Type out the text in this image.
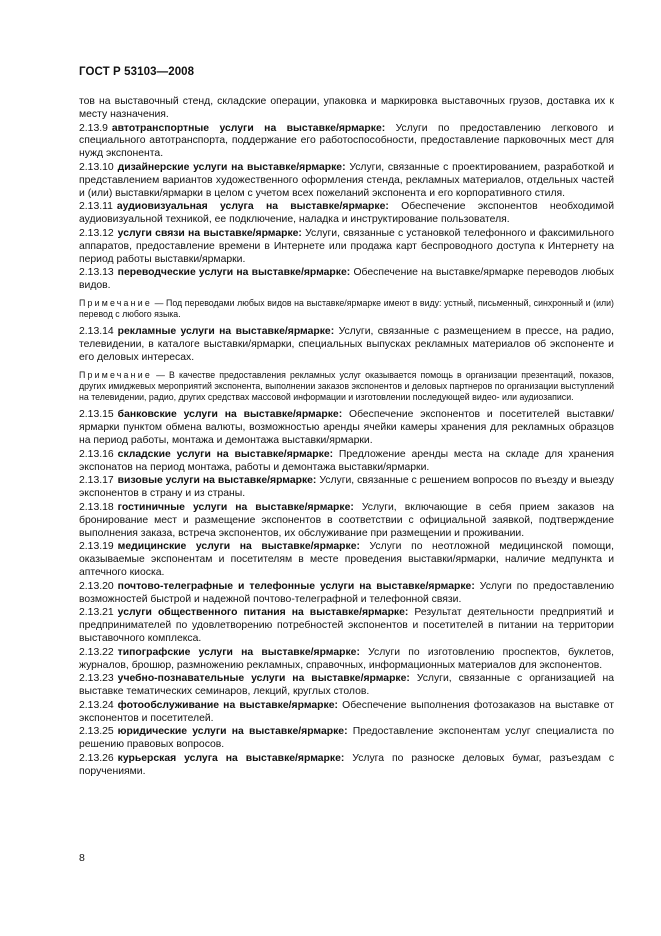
ГОСТ Р 53103—2008

тов на выставочный стенд, складские операции, упаковка и маркировка выставочных грузов, доставка их к месту назначения.

2.13.9 автотранспортные услуги на выставке/ярмарке: Услуги по предоставлению легкового и специального автотранспорта, поддержание его работоспособности, предоставление парковочных мест для нужд экспонента.

2.13.10 дизайнерские услуги на выставке/ярмарке: Услуги, связанные с проектированием, разработкой и представлением вариантов художественного оформления стенда, рекламных материалов, отдельных частей и (или) выставки/ярмарки в целом с учетом всех пожеланий экспонента и его корпоративного стиля.

2.13.11 аудиовизуальная услуга на выставке/ярмарке: Обеспечение экспонентов необходимой аудиовизуальной техникой, ее подключение, наладка и инструктирование пользователя.

2.13.12 услуги связи на выставке/ярмарке: Услуги, связанные с установкой телефонного и факсимильного аппаратов, предоставление времени в Интернете или продажа карт беспроводного доступа к Интернету на период работы выставки/ярмарки.

2.13.13 переводческие услуги на выставке/ярмарке: Обеспечение на выставке/ярмарке переводов любых видов.

Примечание — Под переводами любых видов на выставке/ярмарке имеют в виду: устный, письменный, синхронный и (или) перевод с любого языка.

2.13.14 рекламные услуги на выставке/ярмарке: Услуги, связанные с размещением в прессе, на радио, телевидении, в каталоге выставки/ярмарки, специальных выпусках рекламных материалов об экспоненте и его деловых интересах.

Примечание — В качестве предоставления рекламных услуг оказывается помощь в организации презентаций, показов, других имиджевых мероприятий экспонента, выполнении заказов экспонентов и деловых партнеров по организации выступлений на телевидении, радио, других средствах массовой информации и изготовлении последующей видео- или аудиозаписи.

2.13.15 банковские услуги на выставке/ярмарке: Обеспечение экспонентов и посетителей выставки/ярмарки пунктом обмена валюты, возможностью аренды ячейки камеры хранения для рекламных образцов на период работы, монтажа и демонтажа выставки/ярмарки.

2.13.16 складские услуги на выставке/ярмарке: Предложение аренды места на складе для хранения экспонатов на период монтажа, работы и демонтажа выставки/ярмарки.

2.13.17 визовые услуги на выставке/ярмарке: Услуги, связанные с решением вопросов по въезду и выезду экспонентов в страну и из страны.

2.13.18 гостиничные услуги на выставке/ярмарке: Услуги, включающие в себя прием заказов на бронирование мест и размещение экспонентов в соответствии с официальной заявкой, подтверждение выполнения заказа, встреча экспонентов, их обслуживание при размещении и проживании.

2.13.19 медицинские услуги на выставке/ярмарке: Услуги по неотложной медицинской помощи, оказываемые экспонентам и посетителям в месте проведения выставки/ярмарки, наличие медпункта и аптечного киоска.

2.13.20 почтово-телеграфные и телефонные услуги на выставке/ярмарке: Услуги по предоставлению возможностей быстрой и надежной почтово-телеграфной и телефонной связи.

2.13.21 услуги общественного питания на выставке/ярмарке: Результат деятельности предприятий и предпринимателей по удовлетворению потребностей экспонентов и посетителей в питании на территории выставочного комплекса.

2.13.22 типографские услуги на выставке/ярмарке: Услуги по изготовлению проспектов, буклетов, журналов, брошюр, размножению рекламных, справочных, информационных материалов для экспонентов.

2.13.23 учебно-познавательные услуги на выставке/ярмарке: Услуги, связанные с организацией на выставке тематических семинаров, лекций, круглых столов.

2.13.24 фотообслуживание на выставке/ярмарке: Обеспечение выполнения фотозаказов на выставке от экспонентов и посетителей.

2.13.25 юридические услуги на выставке/ярмарке: Предоставление экспонентам услуг специалиста по решению правовых вопросов.

2.13.26 курьерская услуга на выставке/ярмарке: Услуга по разноске деловых бумаг, разъездам с поручениями.

8
